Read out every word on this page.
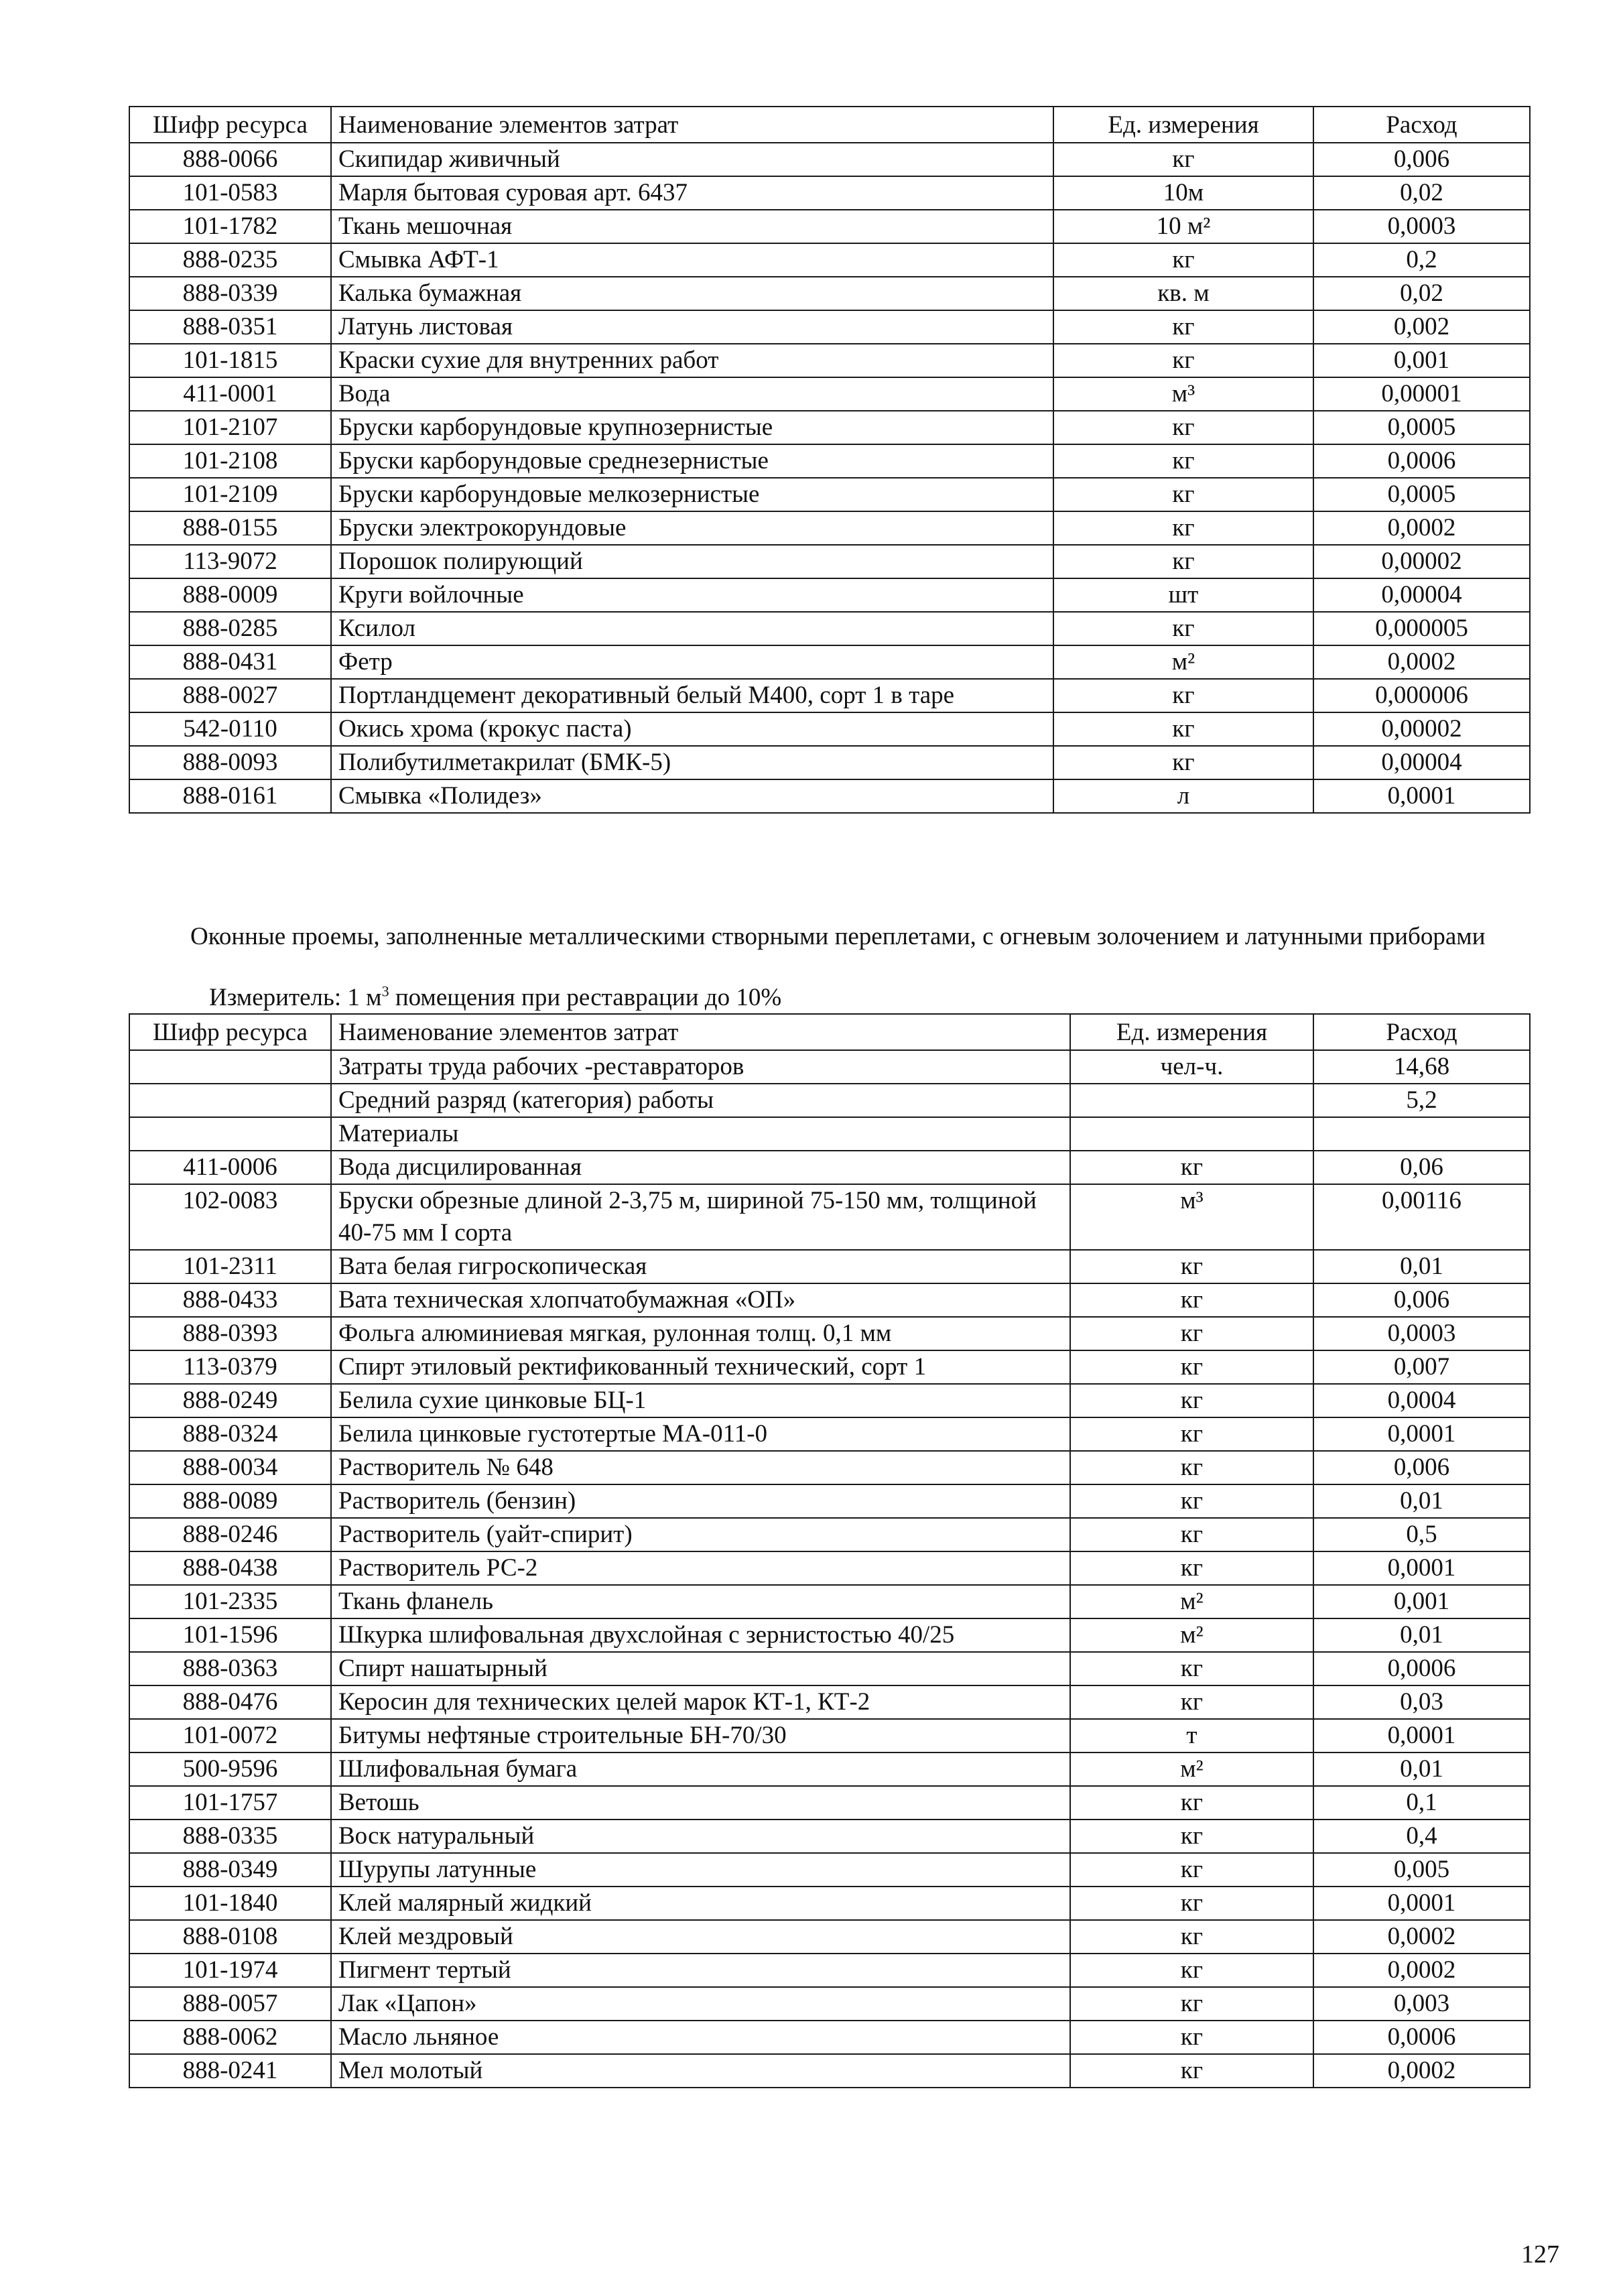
Шифр ресурса	Наименование элементов затрат	Ед. измерения	Расход
888-0066	Скипидар живичный	кг	0,006
101-0583	Марля бытовая суровая арт. 6437	10м	0,02
101-1782	Ткань мешочная	10 м²	0,0003
888-0235	Смывка АФТ-1	кг	0,2
888-0339	Калька бумажная	кв. м	0,02
888-0351	Латунь листовая	кг	0,002
101-1815	Краски сухие для внутренних работ	кг	0,001
411-0001	Вода	м³	0,00001
101-2107	Бруски карборундовые крупнозернистые	кг	0,0005
101-2108	Бруски карборундовые среднезернистые	кг	0,0006
101-2109	Бруски карборундовые мелкозернистые	кг	0,0005
888-0155	Бруски электрокорундовые	кг	0,0002
113-9072	Порошок полирующий	кг	0,00002
888-0009	Круги войлочные	шт	0,00004
888-0285	Ксилол	кг	0,000005
888-0431	Фетр	м²	0,0002
888-0027	Портландцемент декоративный белый М400, сорт 1 в таре	кг	0,000006
542-0110	Окись хрома (крокус паста)	кг	0,00002
888-0093	Полибутилметакрилат (БМК-5)	кг	0,00004
888-0161	Смывка «Полидез»	л	0,0001
Оконные проемы, заполненные металлическими створными переплетами, с огневым золочением и латунными приборами
Измеритель: 1 $м^3$ помещения при реставрации до 10%
Шифр ресурса	Наименование элементов затрат	Ед. измерения	Расход
	Затраты труда рабочих -реставраторов	чел-ч.	14,68
	Средний разряд (категория) работы		5,2
	Материалы		
411-0006	Вода дисцилированная	кг	0,06
102-0083	Бруски обрезные длиной 2-3,75 м, шириной 75-150 мм, толщиной 40-75 мм I сорта	м³	0,00116
101-2311	Вата белая гигроскопическая	кг	0,01
888-0433	Вата техническая хлопчатобумажная «ОП»	кг	0,006
888-0393	Фольга алюминиевая мягкая, рулонная толщ. 0,1 мм	кг	0,0003
113-0379	Спирт этиловый ректификованный технический, сорт 1	кг	0,007
888-0249	Белила сухие цинковые БЦ-1	кг	0,0004
888-0324	Белила цинковые густотертые МА-011-0	кг	0,0001
888-0034	Растворитель № 648	кг	0,006
888-0089	Растворитель (бензин)	кг	0,01
888-0246	Растворитель (уайт-спирит)	кг	0,5
888-0438	Растворитель РС-2	кг	0,0001
101-2335	Ткань фланель	м²	0,001
101-1596	Шкурка шлифовальная двухслойная с зернистостью 40/25	м²	0,01
888-0363	Спирт нашатырный	кг	0,0006
888-0476	Керосин для технических целей марок КТ-1, КТ-2	кг	0,03
101-0072	Битумы нефтяные строительные БН-70/30	т	0,0001
500-9596	Шлифовальная бумага	м²	0,01
101-1757	Ветошь	кг	0,1
888-0335	Воск натуральный	кг	0,4
888-0349	Шурупы латунные	кг	0,005
101-1840	Клей малярный жидкий	кг	0,0001
888-0108	Клей мездровый	кг	0,0002
101-1974	Пигмент тертый	кг	0,0002
888-0057	Лак «Цапон»	кг	0,003
888-0062	Масло льняное	кг	0,0006
888-0241	Мел молотый	кг	0,0002
127
